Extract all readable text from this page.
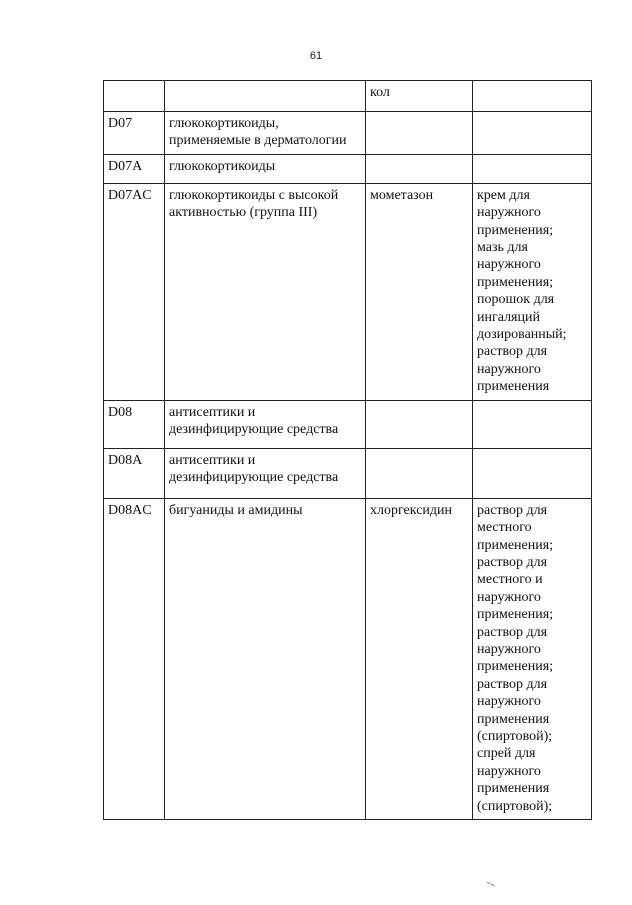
61
		кол	
D07	глюкокортикоиды, применяемые в дерматологии		
D07A	глюкокортикоиды		
D07AC	глюкокортикоиды с высокой активностью (группа III)	мометазон	крем для наружного применения;
мазь для наружного применения;
порошок для ингаляций дозированный;
раствор для наружного применения

D08	антисептики и дезинфицирующие средства		
D08A	антисептики и дезинфицирующие средства		
D08AC	бигуаниды и амидины	хлоргексидин	раствор для местного применения;
раствор для местного и наружного применения;
раствор для наружного применения;
раствор для наружного применения (спиртовой);
спрей для наружного применения (спиртовой);
